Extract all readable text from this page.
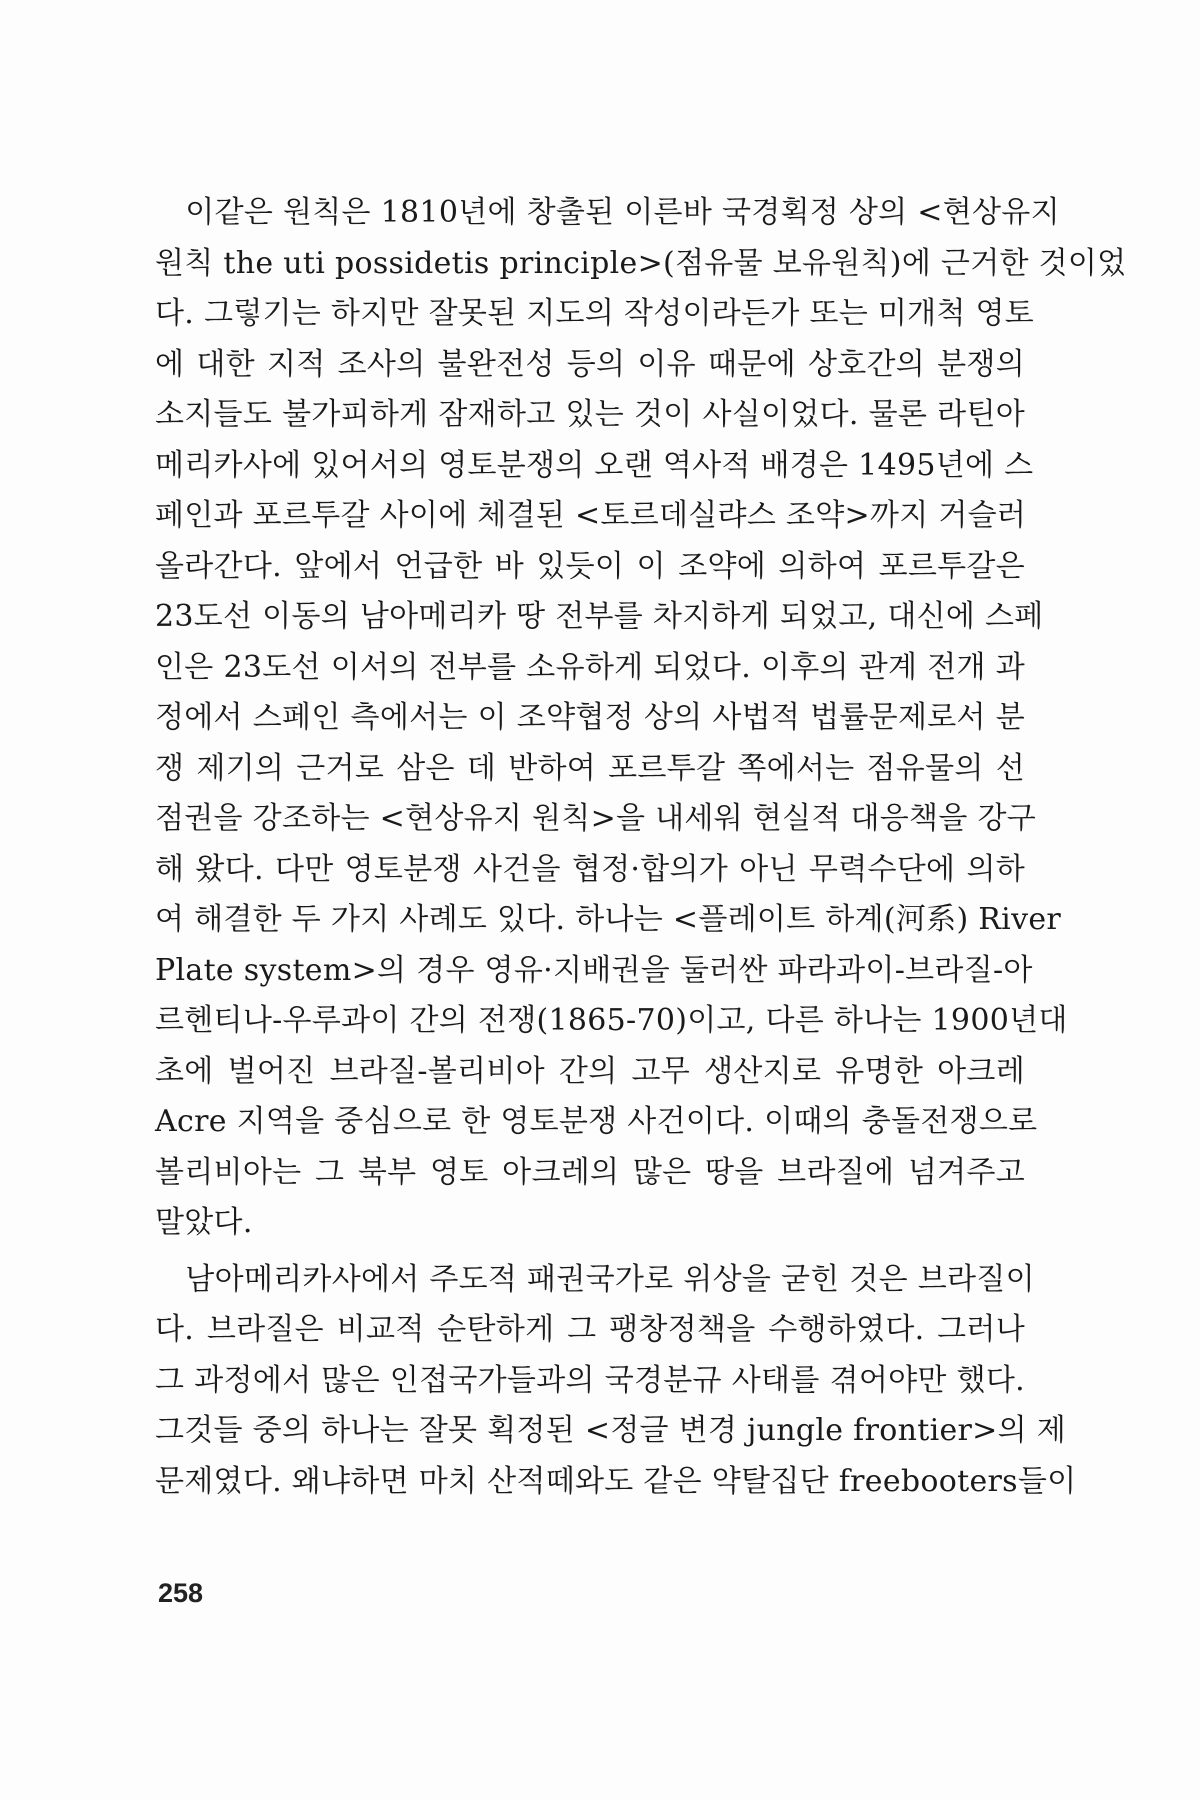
　이같은 원칙은 1810년에 창출된 이른바 국경획정 상의 <현상유지
원칙 the uti possidetis principle>(점유물 보유원칙)에 근거한 것이었
다. 그렇기는 하지만 잘못된 지도의 작성이라든가 또는 미개척 영토
에 대한 지적 조사의 불완전성 등의 이유 때문에 상호간의 분쟁의
소지들도 불가피하게 잠재하고 있는 것이 사실이었다. 물론 라틴아
메리카사에 있어서의 영토분쟁의 오랜 역사적 배경은 1495년에 스
페인과 포르투갈 사이에 체결된 <토르데실랴스 조약>까지 거슬러
올라간다. 앞에서 언급한 바 있듯이 이 조약에 의하여 포르투갈은
23도선 이동의 남아메리카 땅 전부를 차지하게 되었고, 대신에 스페
인은 23도선 이서의 전부를 소유하게 되었다. 이후의 관계 전개 과
정에서 스페인 측에서는 이 조약협정 상의 사법적 법률문제로서 분
쟁 제기의 근거로 삼은 데 반하여 포르투갈 쪽에서는 점유물의 선
점권을 강조하는 <현상유지 원칙>을 내세워 현실적 대응책을 강구
해 왔다. 다만 영토분쟁 사건을 협정·합의가 아닌 무력수단에 의하
여 해결한 두 가지 사례도 있다. 하나는 <플레이트 하계(河系) River
Plate system>의 경우 영유·지배권을 둘러싼 파라과이-브라질-아
르헨티나-우루과이 간의 전쟁(1865-70)이고, 다른 하나는 1900년대
초에 벌어진 브라질-볼리비아 간의 고무 생산지로 유명한 아크레
Acre 지역을 중심으로 한 영토분쟁 사건이다. 이때의 충돌전쟁으로
볼리비아는 그 북부 영토 아크레의 많은 땅을 브라질에 넘겨주고
말았다.
　남아메리카사에서 주도적 패권국가로 위상을 굳힌 것은 브라질이
다. 브라질은 비교적 순탄하게 그 팽창정책을 수행하였다. 그러나
그 과정에서 많은 인접국가들과의 국경분규 사태를 겪어야만 했다.
그것들 중의 하나는 잘못 획정된 <정글 변경 jungle frontier>의 제
문제였다. 왜냐하면 마치 산적떼와도 같은 약탈집단 freebooters들이
258
